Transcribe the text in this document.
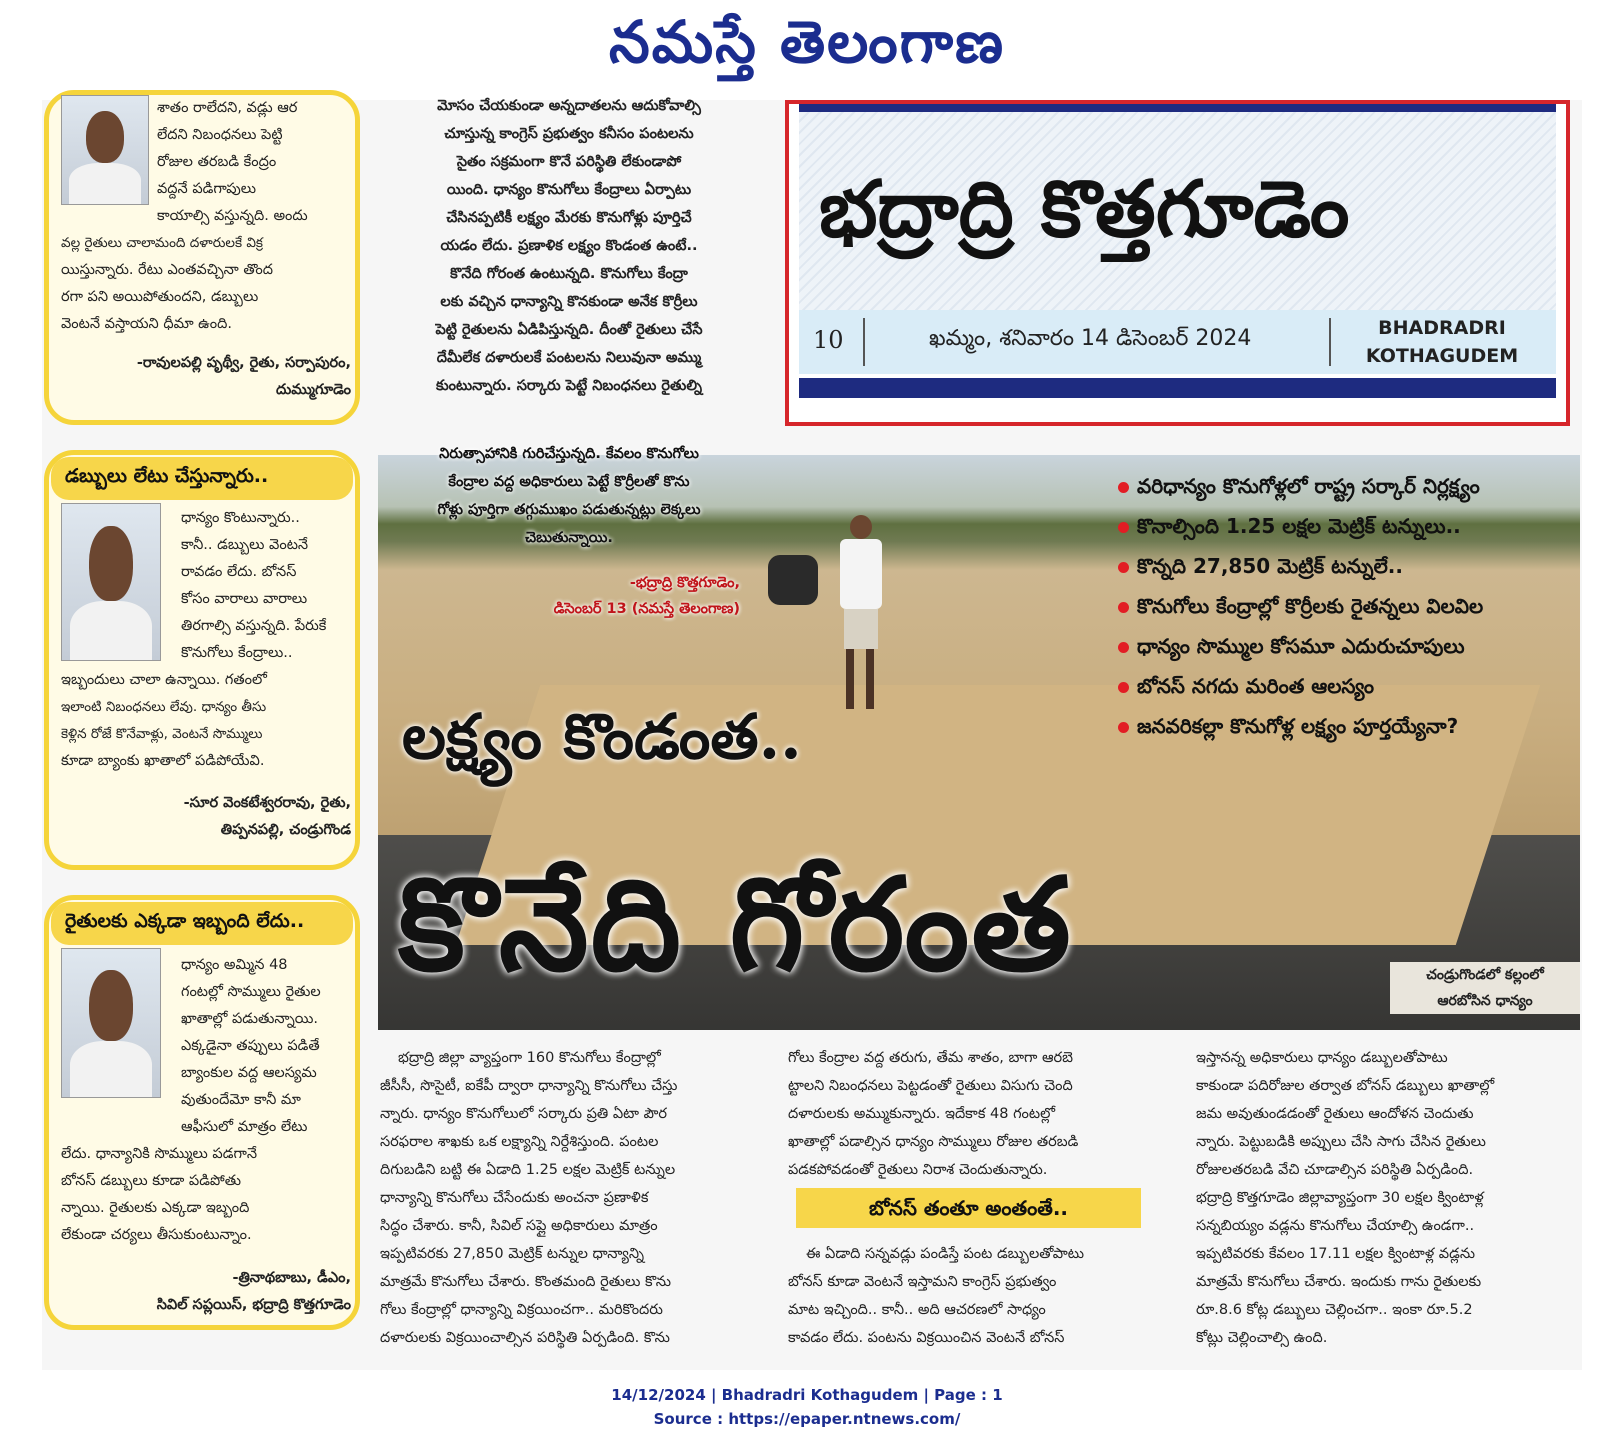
నమస్తే తెలంగాణ
శాతం రాలేదని, వడ్లు ఆర
లేదని నిబంధనలు పెట్టి
రోజుల తరబడి కేంద్రం
వద్దనే పడిగాపులు
కాయాల్సి వస్తున్నది. అందు
వల్ల రైతులు చాలామంది దళారులకే విక్ర
యిస్తున్నారు. రేటు ఎంతవచ్చినా తొంద
రగా పని అయిపోతుందని, డబ్బులు
వెంటనే వస్తాయని ధీమా ఉంది.
-రావులపల్లి పృథ్వీ, రైతు, సర్పాపురం,
దుమ్ముగూడెం
డబ్బులు లేటు చేస్తున్నారు..
ధాన్యం కొంటున్నారు..
కానీ.. డబ్బులు వెంటనే
రావడం లేదు. బోనస్
కోసం వారాలు వారాలు
తిరగాల్సి వస్తున్నది. పేరుకే
కొనుగోలు కేంద్రాలు..
ఇబ్బందులు చాలా ఉన్నాయి. గతంలో
ఇలాంటి నిబంధనలు లేవు. ధాన్యం తీసు
కెళ్లిన రోజే కొనేవాళ్లు, వెంటనే సొమ్ములు
కూడా బ్యాంకు ఖాతాలో పడిపోయేవి.
-సూర వెంకటేశ్వరరావు, రైతు,
తిప్పనపల్లి, చండ్రుగొండ
రైతులకు ఎక్కడా ఇబ్బంది లేదు..
ధాన్యం అమ్మిన 48
గంటల్లో సొమ్ములు రైతుల
ఖాతాల్లో పడుతున్నాయి.
ఎక్కడైనా తప్పులు పడితే
బ్యాంకుల వద్ద ఆలస్యమ
వుతుందేమో కానీ మా
ఆఫీసులో మాత్రం లేటు
లేదు. ధాన్యానికి సొమ్ములు పడగానే
బోనస్ డబ్బులు కూడా పడిపోతు
న్నాయి. రైతులకు ఎక్కడా ఇబ్బంది
లేకుండా చర్యలు తీసుకుంటున్నాం.
-త్రినాథబాబు, డీఎం,
సివిల్ సప్లయిస్, భద్రాద్రి కొత్తగూడెం
భద్రాద్రి కొత్తగూడెం
10	ఖమ్మం, శనివారం 14 డిసెంబర్ 2024	BHADRADRI
KOTHAGUDEM
మోసం చేయకుండా అన్నదాతలను ఆదుకోవాల్సి
చూస్తున్న కాంగ్రెస్ ప్రభుత్వం కనీసం పంటలను
సైతం సక్రమంగా కొనే పరిస్థితి లేకుండాపో
యింది. ధాన్యం కొనుగోలు కేంద్రాలు ఏర్పాటు
చేసినప్పటికీ లక్ష్యం మేరకు కొనుగోళ్లు పూర్తిచే
యడం లేదు. ప్రణాళిక లక్ష్యం కొండంత ఉంటే..
కొనేది గోరంత ఉంటున్నది. కొనుగోలు కేంద్రా
లకు వచ్చిన ధాన్యాన్ని కొనకుండా అనేక కొర్రీలు
పెట్టి రైతులను ఏడిపిస్తున్నది. దీంతో రైతులు చేసే
దేమీలేక దళారులకే పంటలను నిలువునా అమ్ము
కుంటున్నారు. సర్కారు పెట్టే నిబంధనలు రైతుల్ని
నిరుత్సాహానికి గురిచేస్తున్నది. కేవలం కొనుగోలు
కేంద్రాల వద్ద అధికారులు పెట్టే కొర్రీలతో కొను
గోళ్లు పూర్తిగా తగ్గుముఖం పడుతున్నట్లు లెక్కలు
చెబుతున్నాయి.
-భద్రాద్రి కొత్తగూడెం,
డిసెంబర్ 13 (నమస్తే తెలంగాణ)
వరిధాన్యం కొనుగోళ్లలో రాష్ట్ర సర్కార్ నిర్లక్ష్యం
కొనాల్సింది 1.25 లక్షల మెట్రిక్ టన్నులు..
కొన్నది 27,850 మెట్రిక్ టన్నులే..
కొనుగోలు కేంద్రాల్లో కొర్రీలకు రైతన్నలు విలవిల
ధాన్యం సొమ్ముల కోసమూ ఎదురుచూపులు
బోనస్ నగదు మరింత ఆలస్యం
జనవరికల్లా కొనుగోళ్ల లక్ష్యం పూర్తయ్యేనా?
లక్ష్యం కొండంత..
కొనేది గోరంత	చండ్రుగొండలో కల్లంలో
ఆరబోసిన ధాన్యం
భద్రాద్రి జిల్లా వ్యాప్తంగా 160 కొనుగోలు కేంద్రాల్లో
జీసీసీ, సొసైటీ, ఐకేపీ ద్వారా ధాన్యాన్ని కొనుగోలు చేస్తు
న్నారు. ధాన్యం కొనుగోలులో సర్కారు ప్రతి ఏటా పౌర
సరఫరాల శాఖకు ఒక లక్ష్యాన్ని నిర్దేశిస్తుంది. పంటల
దిగుబడిని బట్టి ఈ ఏడాది 1.25 లక్షల మెట్రిక్ టన్నుల
ధాన్యాన్ని కొనుగోలు చేసేందుకు అంచనా ప్రణాళిక
సిద్ధం చేశారు. కానీ, సివిల్ సప్లై అధికారులు మాత్రం
ఇప్పటివరకు 27,850 మెట్రిక్ టన్నుల ధాన్యాన్ని
మాత్రమే కొనుగోలు చేశారు. కొంతమంది రైతులు కొను
గోలు కేంద్రాల్లో ధాన్యాన్ని విక్రయించగా.. మరికొందరు
దళారులకు విక్రయించాల్సిన పరిస్థితి ఏర్పడింది. కొను
గోలు కేంద్రాల వద్ద తరుగు, తేమ శాతం, బాగా ఆరబె
ట్టాలని నిబంధనలు పెట్టడంతో రైతులు విసుగు చెంది
దళారులకు అమ్ముకున్నారు. ఇదేకాక 48 గంటల్లో
ఖాతాల్లో పడాల్సిన ధాన్యం సొమ్ములు రోజుల తరబడి
పడకపోవడంతో రైతులు నిరాశ చెందుతున్నారు.
బోనస్ తంతూ అంతంతే..
ఈ ఏడాది సన్నవడ్లు పండిస్తే పంట డబ్బులతోపాటు
బోనస్ కూడా వెంటనే ఇస్తామని కాంగ్రెస్ ప్రభుత్వం
మాట ఇచ్చింది.. కానీ.. అది ఆచరణలో సాధ్యం
కావడం లేదు. పంటను విక్రయించిన వెంటనే బోనస్
ఇస్తానన్న అధికారులు ధాన్యం డబ్బులతోపాటు
కాకుండా పదిరోజుల తర్వాత బోనస్ డబ్బులు ఖాతాల్లో
జమ అవుతుండడంతో రైతులు ఆందోళన చెందుతు
న్నారు. పెట్టుబడికి అప్పులు చేసి సాగు చేసిన రైతులు
రోజులతరబడి వేచి చూడాల్సిన పరిస్థితి ఏర్పడింది.
భద్రాద్రి కొత్తగూడెం జిల్లావ్యాప్తంగా 30 లక్షల క్వింటాళ్ల
సన్నబియ్యం వడ్లను కొనుగోలు చేయాల్సి ఉండగా..
ఇప్పటివరకు కేవలం 17.11 లక్షల క్వింటాళ్ల వడ్లను
మాత్రమే కొనుగోలు చేశారు. ఇందుకు గాను రైతులకు
రూ.8.6 కోట్ల డబ్బులు చెల్లించగా.. ఇంకా రూ.5.2
కోట్లు చెల్లించాల్సి ఉంది.
14/12/2024 | Bhadradri Kothagudem | Page : 1
Source : https://epaper.ntnews.com/
